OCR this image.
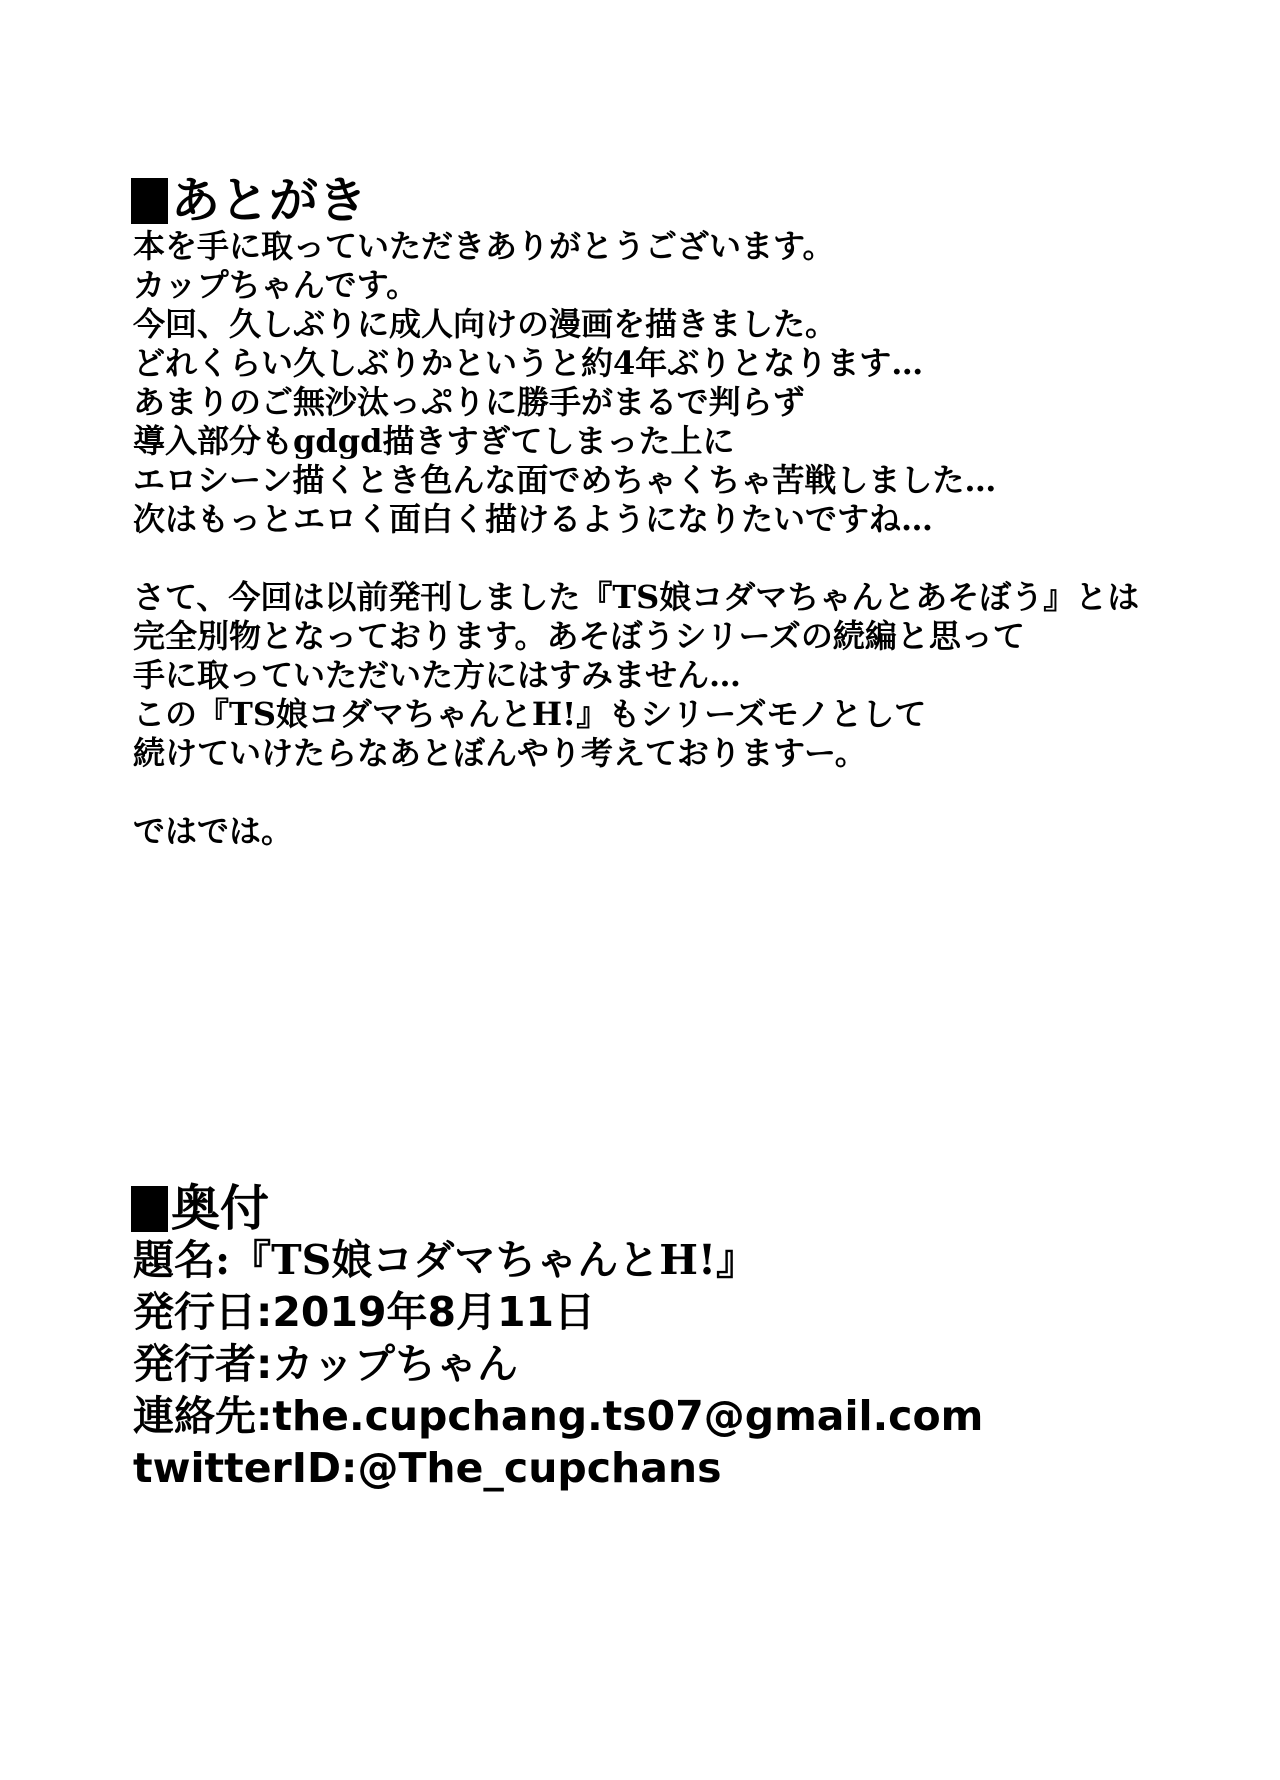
あとがき
本を手に取っていただきありがとうございます。
カップちゃんです。
今回、久しぶりに成人向けの漫画を描きました。
どれくらい久しぶりかというと約4年ぶりとなります…
あまりのご無沙汰っぷりに勝手がまるで判らず
導入部分もgdgd描きすぎてしまった上に
エロシーン描くとき色んな面でめちゃくちゃ苦戦しました…
次はもっとエロく面白く描けるようになりたいですね…
さて、今回は以前発刊しました『TS娘コダマちゃんとあそぼう』とは
完全別物となっております。あそぼうシリーズの続編と思って
手に取っていただいた方にはすみません…
この『TS娘コダマちゃんとH!』もシリーズモノとして
続けていけたらなあとぼんやり考えておりますー。
ではでは。
奥付
題名:『TS娘コダマちゃんとH!』
発行日:2019年8月11日
発行者:カップちゃん
連絡先:the.cupchang.ts07@gmail.com
twitterID:@The_cupchans
